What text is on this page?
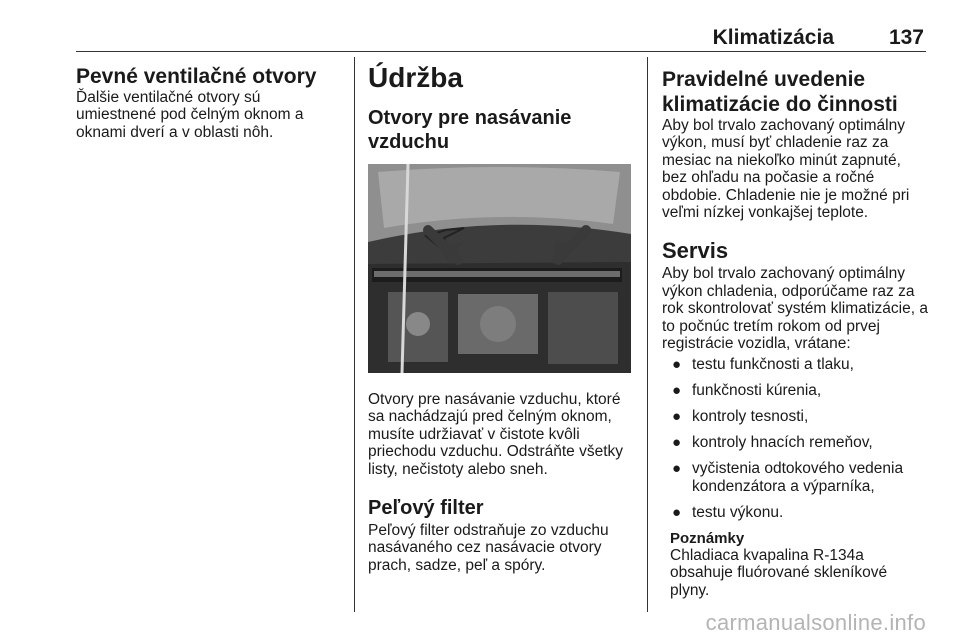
Klimatizácia	137
Pevné ventilačné otvory

Ďalšie ventilačné otvory sú umiestnené pod čelným oknom a oknami dverí a v oblasti nôh.

Údržba
Otvory pre nasávanie vzduchu

Otvory pre nasávanie vzduchu, ktoré sa nachádzajú pred čelným oknom, musíte udržiavať v čistote kvôli priechodu vzduchu. Odstráňte všetky listy, nečistoty alebo sneh.

Peľový filter

Peľový filter odstraňuje zo vzduchu nasávaného cez nasávacie otvory prach, sadze, peľ a spóry.

Pravidelné uvedenie klimatizácie do činnosti

Aby bol trvalo zachovaný optimálny výkon, musí byť chladenie raz za mesiac na niekoľko minút zapnuté, bez ohľadu na počasie a ročné obdobie. Chladenie nie je možné pri veľmi nízkej vonkajšej teplote.

Servis

Aby bol trvalo zachovaný optimálny výkon chladenia, odporúčame raz za rok skontrolovať systém klimatizácie, a to počnúc tretím rokom od prvej registrácie vozidla, vrátane:

● testu funkčnosti a tlaku,
● funkčnosti kúrenia,
● kontroly tesnosti,
● kontroly hnacích remeňov,
● vyčistenia odtokového vedenia kondenzátora a výparníka,
● testu výkonu.
Poznámky

Chladiaca kvapalina R-134a obsahuje fluórované skleníkové plyny.

carmanualsonline.info
